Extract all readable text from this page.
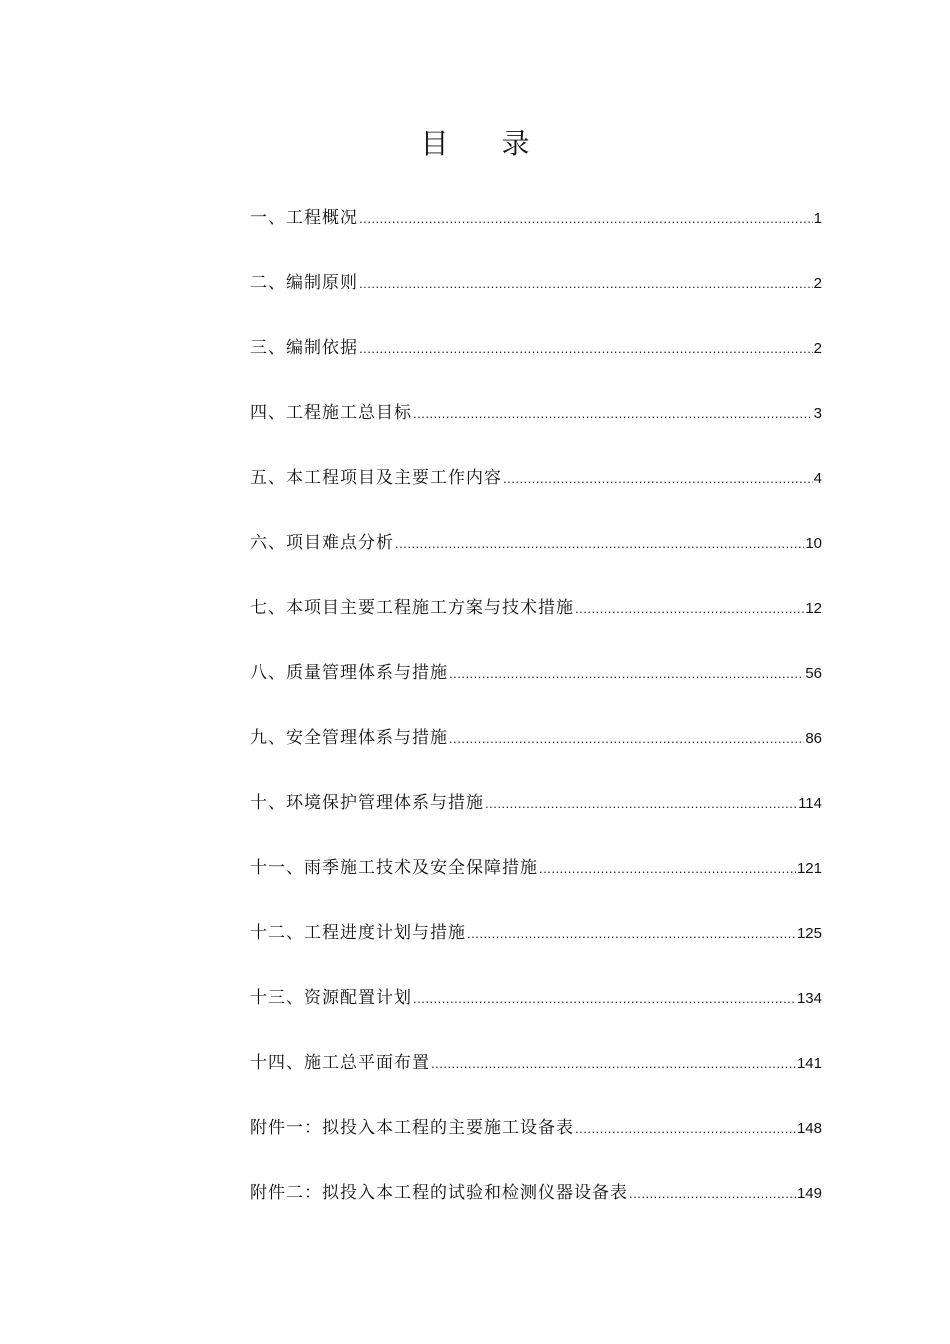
目 录
一、工程概况 .....	1
二、编制原则 .....	2
三、编制依据 .....	2
四、工程施工总目标 .....	3
五、本工程项目及主要工作内容 .....	4
六、项目难点分析 .....	10
七、本项目主要工程施工方案与技术措施 .....	12
八、质量管理体系与措施 .....	56
九、安全管理体系与措施 .....	86
十、环境保护管理体系与措施 .....	114
十一、雨季施工技术及安全保障措施 .....	121
十二、工程进度计划与措施 .....	125
十三、资源配置计划 .....	134
十四、施工总平面布置 .....	141
附件一：拟投入本工程的主要施工设备表 .....	148
附件二：拟投入本工程的试验和检测仪器设备表 .....	149
